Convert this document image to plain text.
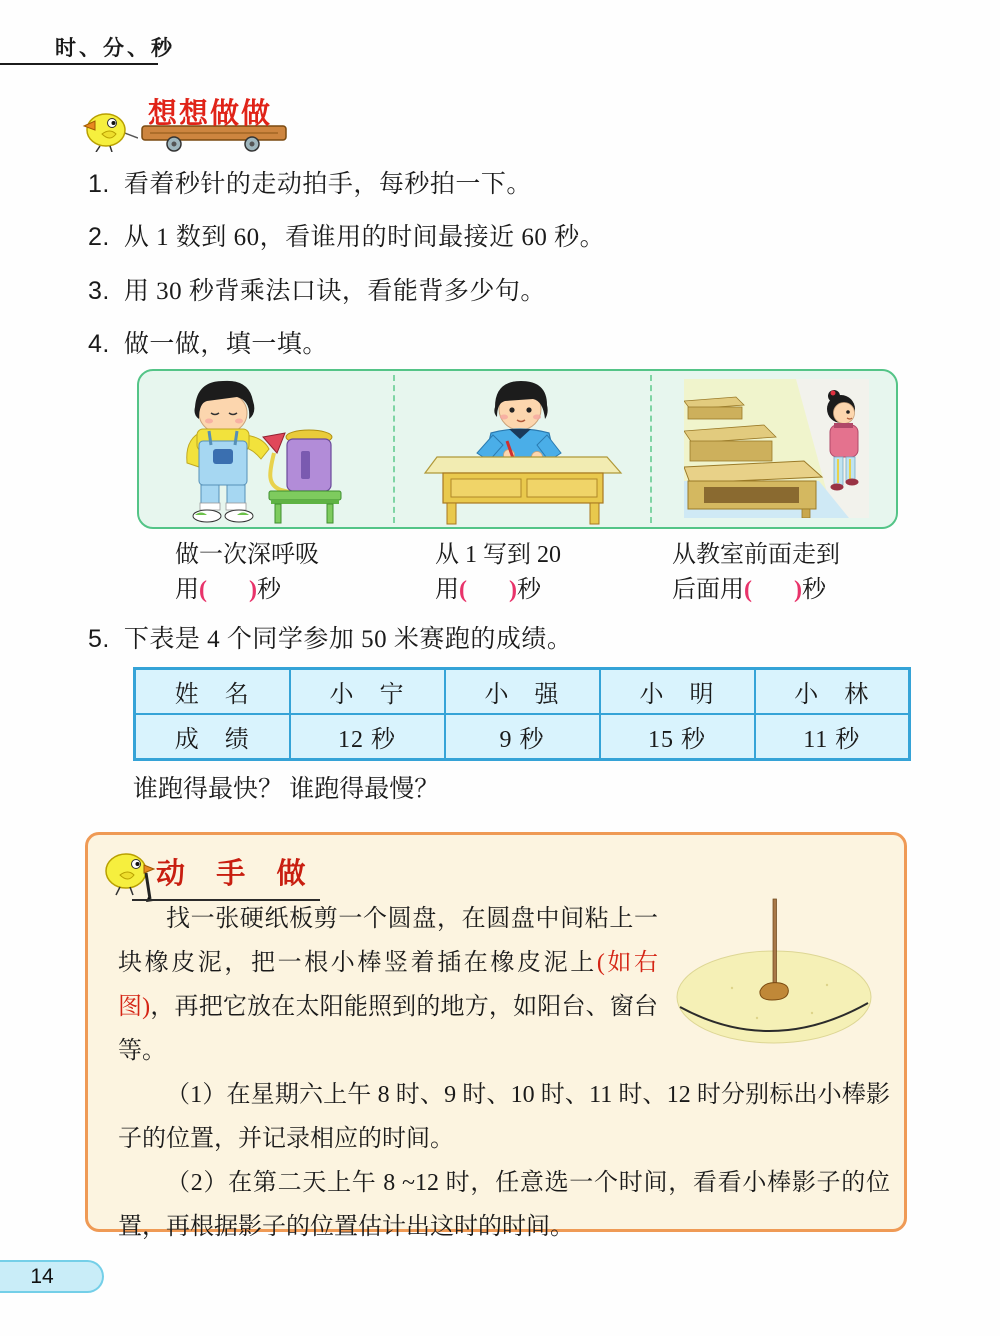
时、分、秒
想想做做
1. 看着秒针的走动拍手，每秒拍一下。
2. 从 1 数到 60，看谁用的时间最接近 60 秒。
3. 用 30 秒背乘法口诀，看能背多少句。
4. 做一做，填一填。
做一次深呼吸
用( )秒
从 1 写到 20
用( )秒
从教室前面走到
后面用( )秒
5. 下表是 4 个同学参加 50 米赛跑的成绩。
姓　名	小　宁	小　强	小　明	小　林
成　绩	12 秒	9 秒	15 秒	11 秒
谁跑得最快？ 谁跑得最慢？
动 手 做

找一张硬纸板剪一个圆盘，在圆盘中间粘上一块橡皮泥，把一根小棒竖着插在橡皮泥上(如右图)，再把它放在太阳能照到的地方，如阳台、窗台等。

（1）在星期六上午 8 时、9 时、10 时、11 时、12 时分别标出小棒影子的位置，并记录相应的时间。

（2）在第二天上午 8 ~12 时，任意选一个时间，看看小棒影子的位置，再根据影子的位置估计出这时的时间。

14
